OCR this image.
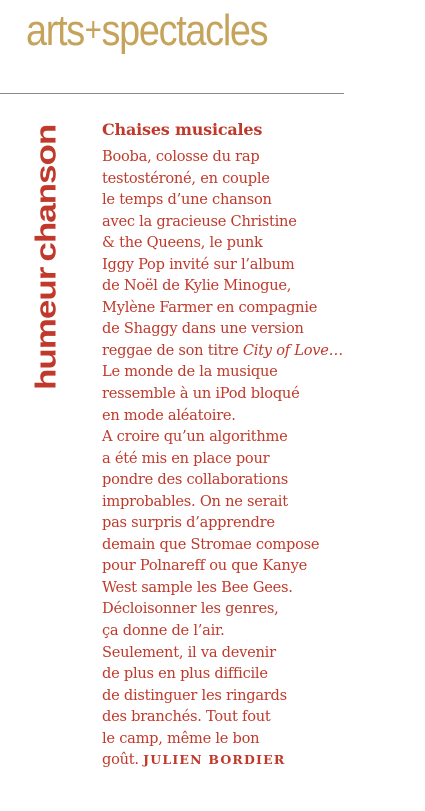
arts+spectacles
humeurchanson	Chaises musicales
Booba, colosse du rap
testostéroné, en couple
le temps d’une chanson
avec la gracieuse Christine
& the Queens, le punk
Iggy Pop invité sur l’album
de Noël de Kylie Minogue,
Mylène Farmer en compagnie
de Shaggy dans une version
reggae de son titre City of Love…
Le monde de la musique
ressemble à un iPod bloqué
en mode aléatoire.
A croire qu’un algorithme
a été mis en place pour
pondre des collaborations
improbables. On ne serait
pas surpris d’apprendre
demain que Stromae compose
pour Polnareff ou que Kanye
West sample les Bee Gees.
Décloisonner les genres,
ça donne de l’air.
Seulement, il va devenir
de plus en plus difficile
de distinguer les ringards
des branchés. Tout fout
le camp, même le bon
goût. JULIEN BORDIER
